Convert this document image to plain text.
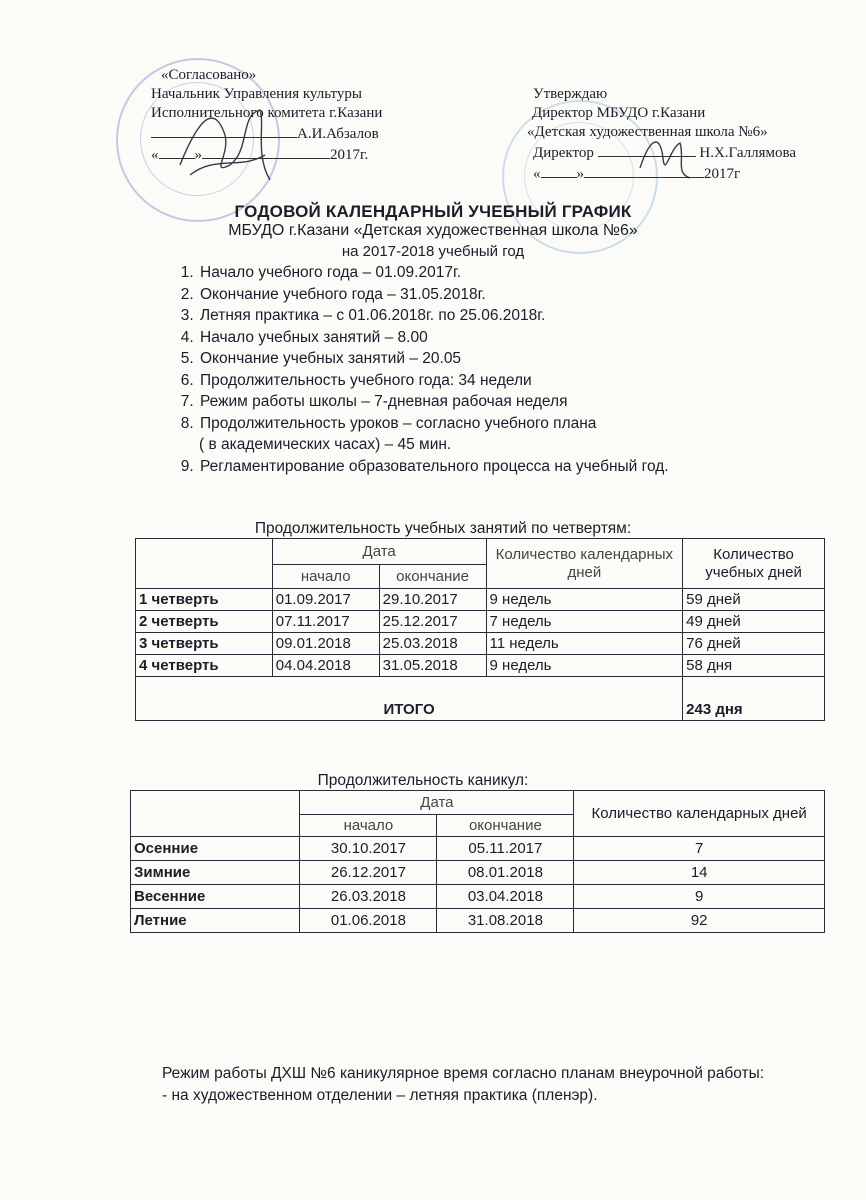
«Согласовано»
Начальник Управления культуры
Исполнительного комитета г.Казани
А.И.Абзалов
« »	2017г.
Утверждаю
Директор МБУДО г.Казани
«Детская художественная школа №6»
Директор	Н.Х.Галлямова
« »	2017г
ГОДОВОЙ КАЛЕНДАРНЫЙ УЧЕБНЫЙ ГРАФИК
МБУДО г.Казани «Детская художественная школа №6»
на 2017-2018 учебный год
1. Начало учебного года – 01.09.2017г.
2. Окончание учебного года – 31.05.2018г.
3. Летняя практика – с 01.06.2018г. по 25.06.2018г.
4. Начало учебных занятий – 8.00
5. Окончание учебных занятий – 20.05
6. Продолжительность учебного года: 34 недели
7. Режим работы школы – 7-дневная рабочая неделя
8. Продолжительность уроков – согласно учебного плана
( в академических часах) – 45 мин.
9. Регламентирование образовательного процесса на учебный год.
Продолжительность учебных занятий по четвертям:
	Дата		Количество календарных дней	Количество учебных дней
	начало	окончание		
1 четверть	01.09.2017	29.10.2017	9 недель	59 дней
2 четверть	07.11.2017	25.12.2017	7 недель	49 дней
3 четверть	09.01.2018	25.03.2018	11 недель	76 дней
4 четверть	04.04.2018	31.05.2018	9 недель	58 дня
ИТОГО				243 дня
Продолжительность каникул:
	Дата		Количество календарных дней
	начало	окончание	
Осенние	30.10.2017	05.11.2017	7
Зимние	26.12.2017	08.01.2018	14
Весенние	26.03.2018	03.04.2018	9
Летние	01.06.2018	31.08.2018	92
Режим работы ДХШ №6 каникулярное время согласно планам внеурочной работы:
- на художественном отделении – летняя практика (пленэр).
